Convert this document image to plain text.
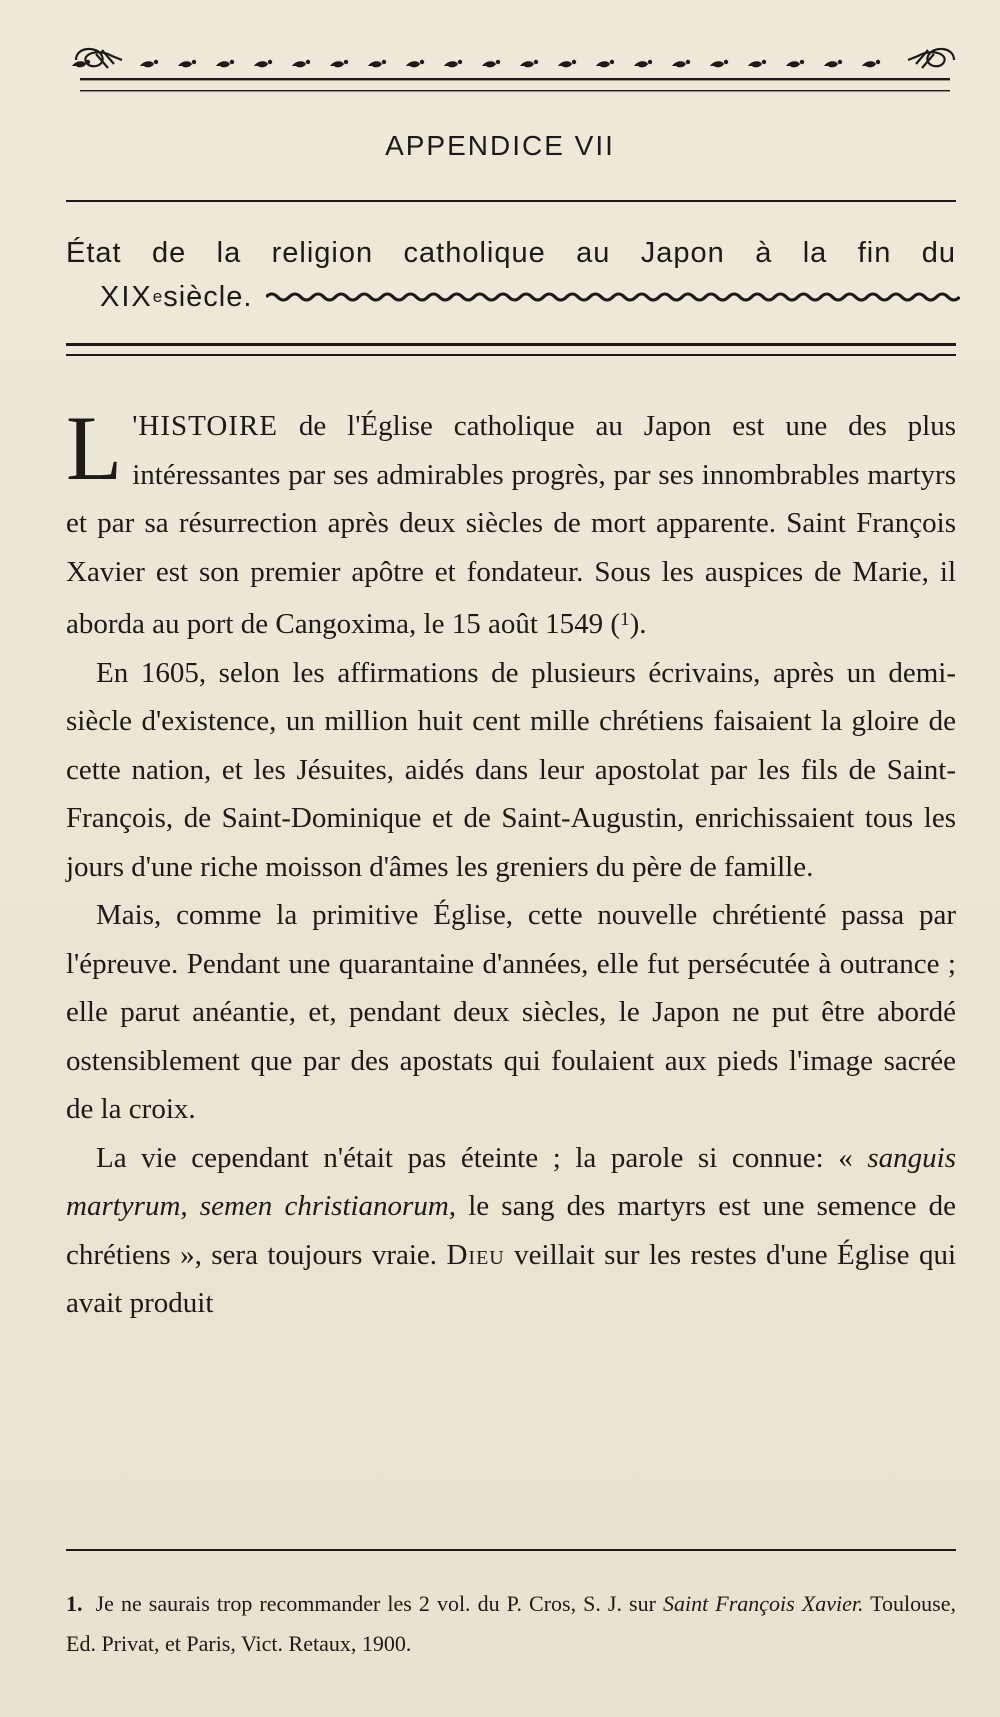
APPENDICE VII
État de la religion catholique au Japon à la fin du
XIX e siècle.

L 'HISTOIRE de l'Église catholique au Japon est une des plus intéressantes par ses admirables progrès, par ses innombrables martyrs et par sa résurrection après deux siècles de mort apparente. Saint François Xavier est son premier apôtre et fondateur. Sous les auspices de Marie, il aborda au port de Cangoxima, le 15 août 1549 ($^1$).

En 1605, selon les affirmations de plusieurs écrivains, après un demi-siècle d'existence, un million huit cent mille chrétiens faisaient la gloire de cette nation, et les Jésuites, aidés dans leur apostolat par les fils de Saint-François, de Saint-Dominique et de Saint-Augustin, enrichissaient tous les jours d'une riche moisson d'âmes les greniers du père de famille.

Mais, comme la primitive Église, cette nouvelle chrétienté passa par l'épreuve. Pendant une quarantaine d'années, elle fut persécutée à outrance ; elle parut anéantie, et, pendant deux siècles, le Japon ne put être abordé ostensiblement que par des apostats qui foulaient aux pieds l'image sacrée de la croix.

La vie cependant n'était pas éteinte ; la parole si connue: « sanguis martyrum, semen christianorum, le sang des martyrs est une semence de chrétiens », sera toujours vraie. Dieu veillait sur les restes d'une Église qui avait produit

1. Je ne saurais trop recommander les 2 vol. du P. Cros, S. J. sur Saint François Xavier. Toulouse, Ed. Privat, et Paris, Vict. Retaux, 1900.
